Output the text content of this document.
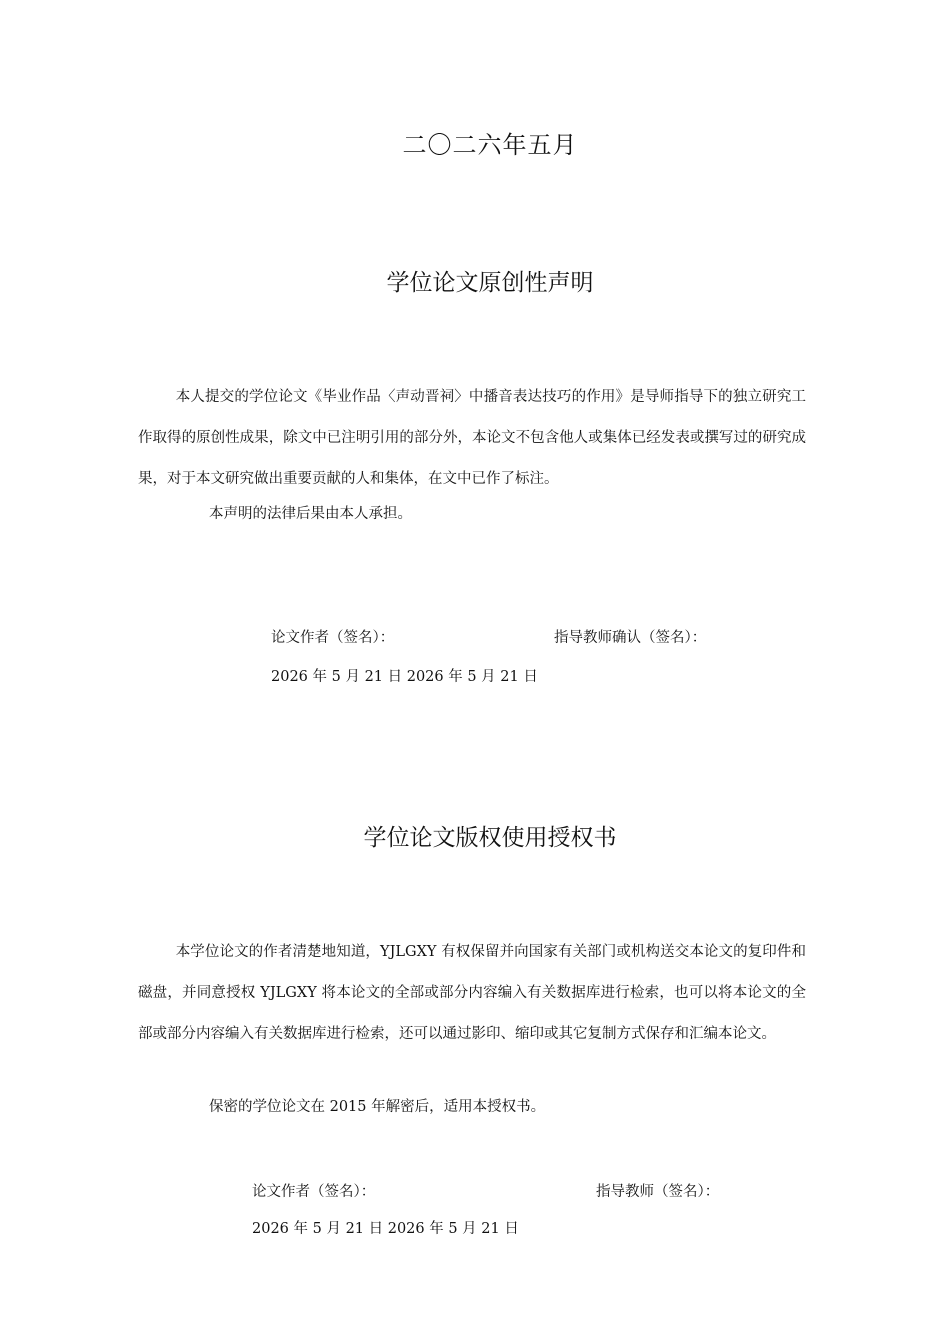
二〇二六年五月
学位论文原创性声明

本人提交的学位论文《毕业作品〈声动晋祠〉中播音表达技巧的作用》是导师指导下的独立研究工作取得的原创性成果，除文中已注明引用的部分外，本论文不包含他人或集体已经发表或撰写过的研究成果，对于本文研究做出重要贡献的人和集体，在文中已作了标注。

本声明的法律后果由本人承担。
论文作者（签名）：	指导教师确认（签名）：
2026 年 5 月 21 日 2026 年 5 月 21 日
学位论文版权使用授权书

本学位论文的作者清楚地知道，YJLGXY 有权保留并向国家有关部门或机构送交本论文的复印件和磁盘，并同意授权 YJLGXY 将本论文的全部或部分内容编入有关数据库进行检索，也可以将本论文的全部或部分内容编入有关数据库进行检索，还可以通过影印、缩印或其它复制方式保存和汇编本论文。

保密的学位论文在 2015 年解密后，适用本授权书。
论文作者（签名）：	指导教师（签名）：
2026 年 5 月 21 日 2026 年 5 月 21 日
